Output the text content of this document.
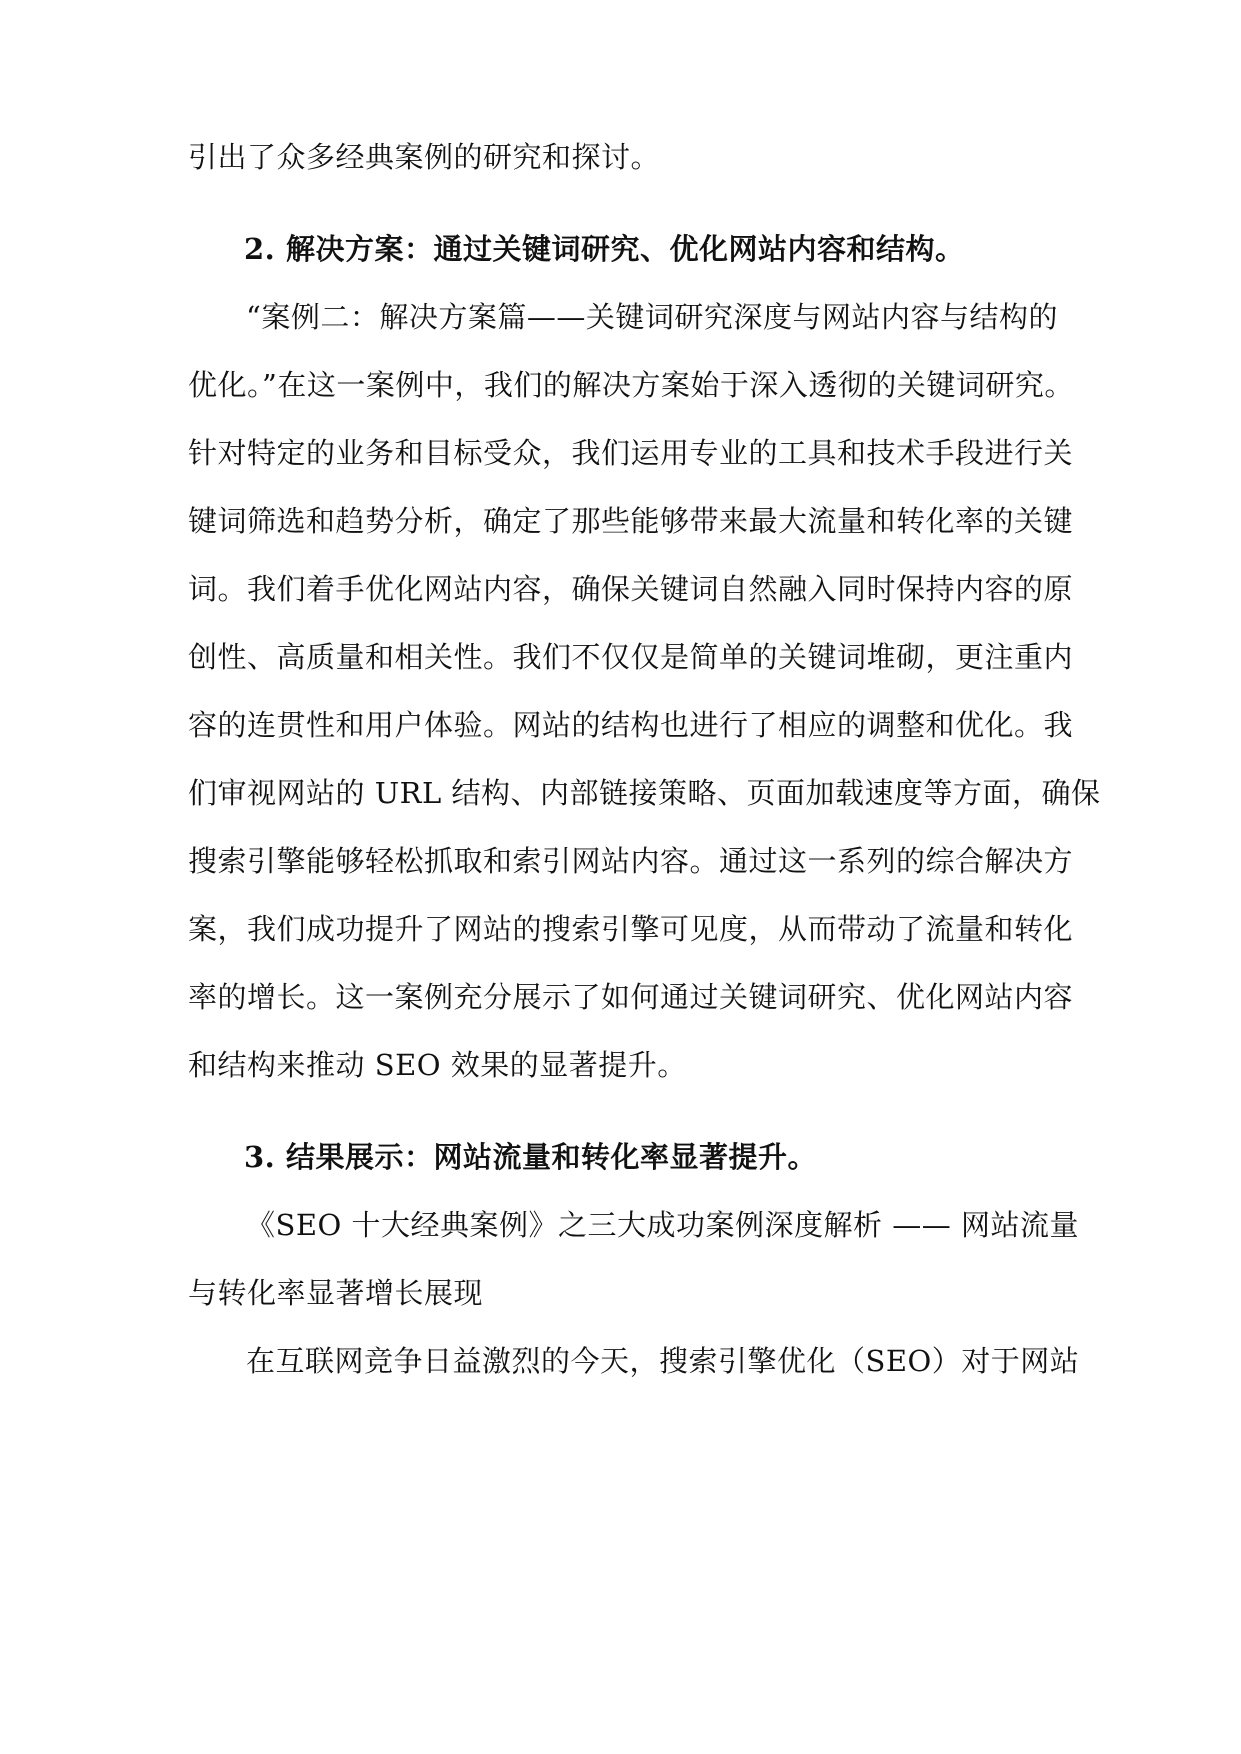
引出了众多经典案例的研究和探讨。
2. 解决方案：通过关键词研究、优化网站内容和结构。
“案例二：解决方案篇——关键词研究深度与网站内容与结构的
优化。”在这一案例中，我们的解决方案始于深入透彻的关键词研究。
针对特定的业务和目标受众，我们运用专业的工具和技术手段进行关
键词筛选和趋势分析，确定了那些能够带来最大流量和转化率的关键
词。我们着手优化网站内容，确保关键词自然融入同时保持内容的原
创性、高质量和相关性。我们不仅仅是简单的关键词堆砌，更注重内
容的连贯性和用户体验。网站的结构也进行了相应的调整和优化。我
们审视网站的 URL 结构、内部链接策略、页面加载速度等方面，确保
搜索引擎能够轻松抓取和索引网站内容。通过这一系列的综合解决方
案，我们成功提升了网站的搜索引擎可见度，从而带动了流量和转化
率的增长。这一案例充分展示了如何通过关键词研究、优化网站内容
和结构来推动 SEO 效果的显著提升。
3. 结果展示：网站流量和转化率显著提升。
《SEO 十大经典案例》之三大成功案例深度解析 —— 网站流量
与转化率显著增长展现
在互联网竞争日益激烈的今天，搜索引擎优化（SEO）对于网站
